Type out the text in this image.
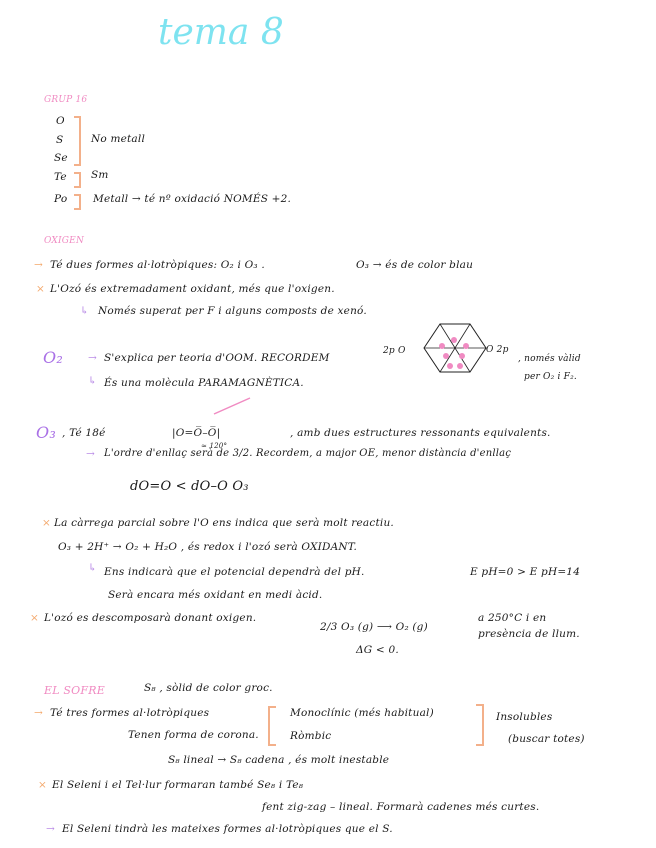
tema 8
GRUP 16
O
S
Se
Te
Po
No metall
Sm
Metall → té nº oxidació NOMÉS +2.
OXIGEN
→ Té dues formes al·lotròpiques: O₂ i O₃ .	O₃ → és de color blau
× L'Ozó és extremadament oxidant, més que l'oxigen.
↳ Només superat per F i alguns composts de xenó.
O₂ → S'explica per teoria d'OOM. RECORDEM
↳ És una molècula PARAMAGNÈTICA.
2p O	O 2p
, només vàlid
per O₂ i F₂.
O₃ , Té 18é	|O=O̅–O̅|
≈ 120°
, amb dues estructures ressonants equivalents.
→ L'ordre d'enllaç serà de 3/2. Recordem, a major OE, menor distància d'enllaç
dO=O < dO–O O₃
× La càrrega parcial sobre l'O ens indica que serà molt reactiu.
O₃ + 2H⁺ → O₂ + H₂O , és redox i l'ozó serà OXIDANT.
↳ Ens indicarà que el potencial dependrà del pH.	E pH=0 > E pH=14
Serà encara més oxidant en medi àcid.
× L'ozó es descomposarà donant oxigen.
2/3 O₃ (g) ⟶ O₂ (g)
a 250°C i en
presència de llum.
ΔG < 0.
EL SOFRE	S₈ , sòlid de color groc.
→ Té tres formes al·lotròpiques
Tenen forma de corona.
Monoclínic (més habitual)
Ròmbic
Insolubles
(buscar totes)
S₈ lineal → S₈ cadena , és molt inestable
× El Seleni i el Tel·lur formaran també Se₈ i Te₈
fent zig-zag – lineal. Formarà cadenes més curtes.
→ El Seleni tindrà les mateixes formes al·lotròpiques que el S.
